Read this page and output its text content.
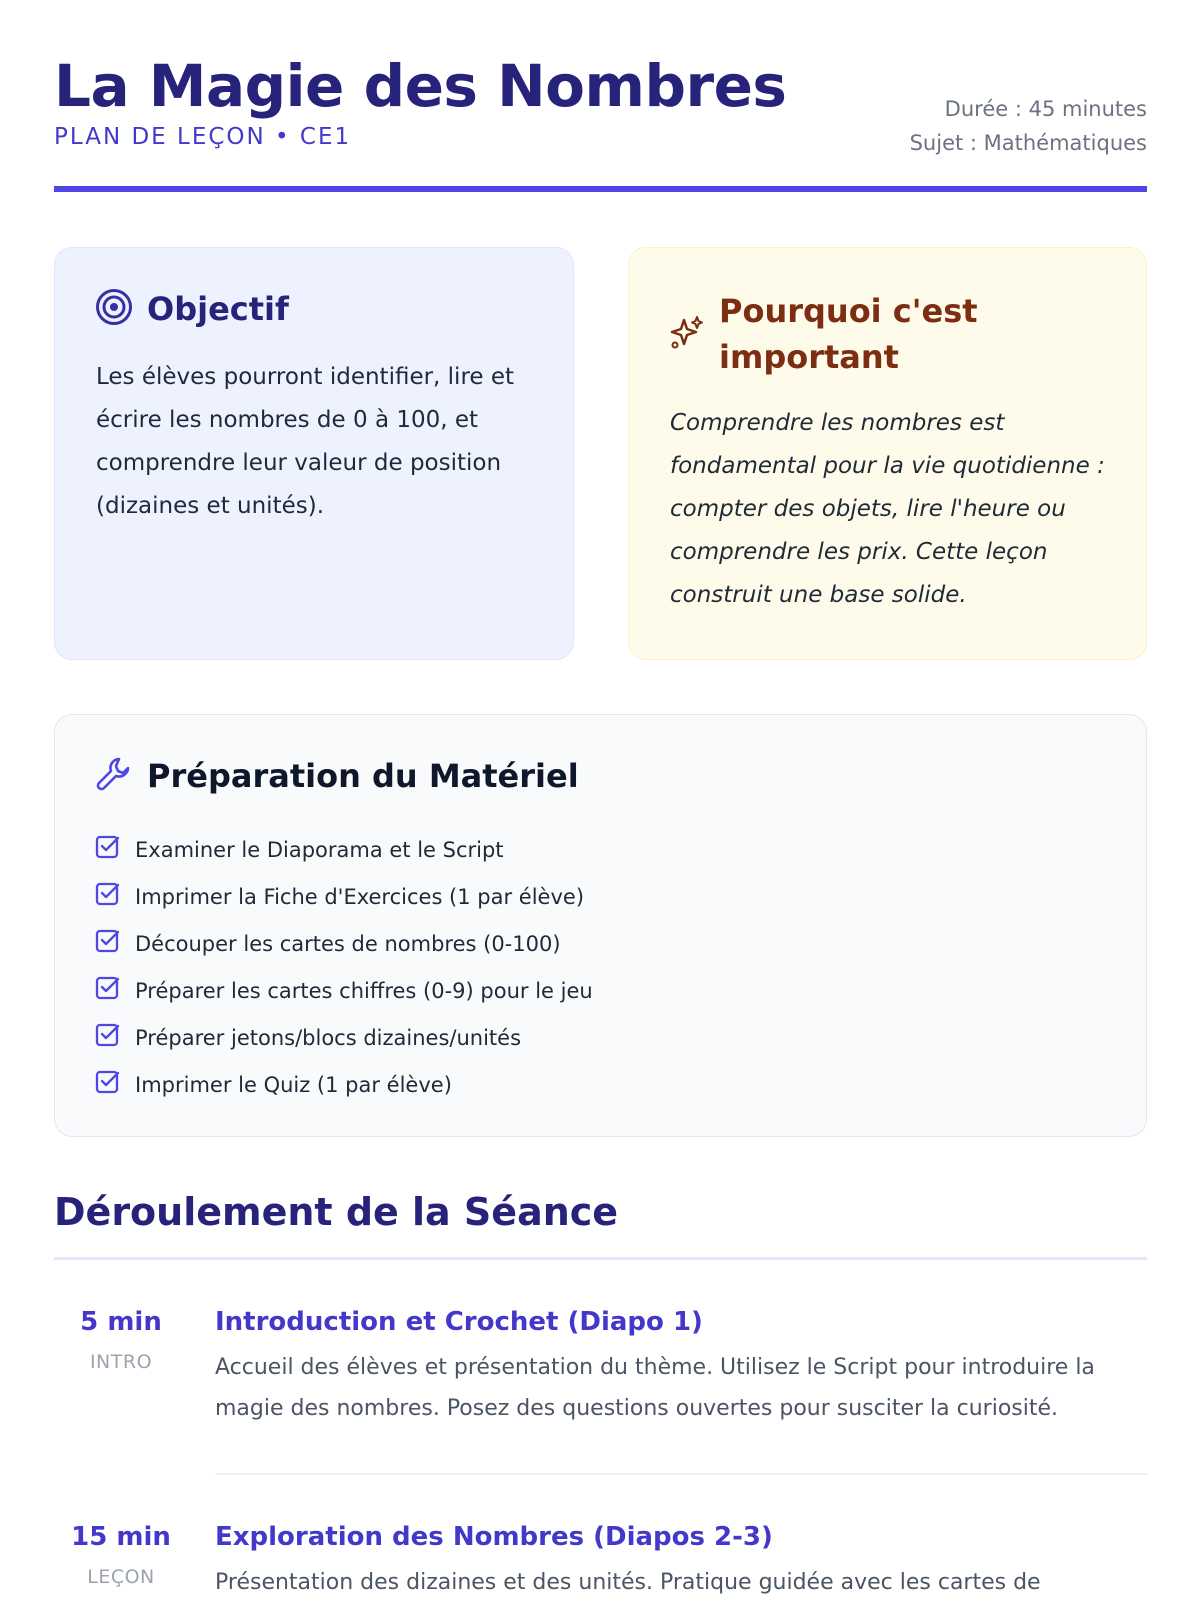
La Magie des Nombres
PLAN DE LEÇON • CE1
Durée : 45 minutes
Sujet : Mathématiques
Objectif

Les élèves pourront identifier, lire et écrire les nombres de 0 à 100, et comprendre leur valeur de position (dizaines et unités).

Pourquoi c'est important

Comprendre les nombres est fondamental pour la vie quotidienne : compter des objets, lire l'heure ou comprendre les prix. Cette leçon construit une base solide.

Préparation du Matériel
Examiner le Diaporama et le Script
Imprimer la Fiche d'Exercices (1 par élève)
Découper les cartes de nombres (0-100)
Préparer les cartes chiffres (0-9) pour le jeu
Préparer jetons/blocs dizaines/unités
Imprimer le Quiz (1 par élève)
Déroulement de la Séance
5 min
INTRO
Introduction et Crochet (Diapo 1)
Accueil des élèves et présentation du thème. Utilisez le Script pour introduire la magie des nombres. Posez des questions ouvertes pour susciter la curiosité.
15 min
LEÇON
Exploration des Nombres (Diapos 2-3)
Présentation des dizaines et des unités. Pratique guidée avec les cartes de
